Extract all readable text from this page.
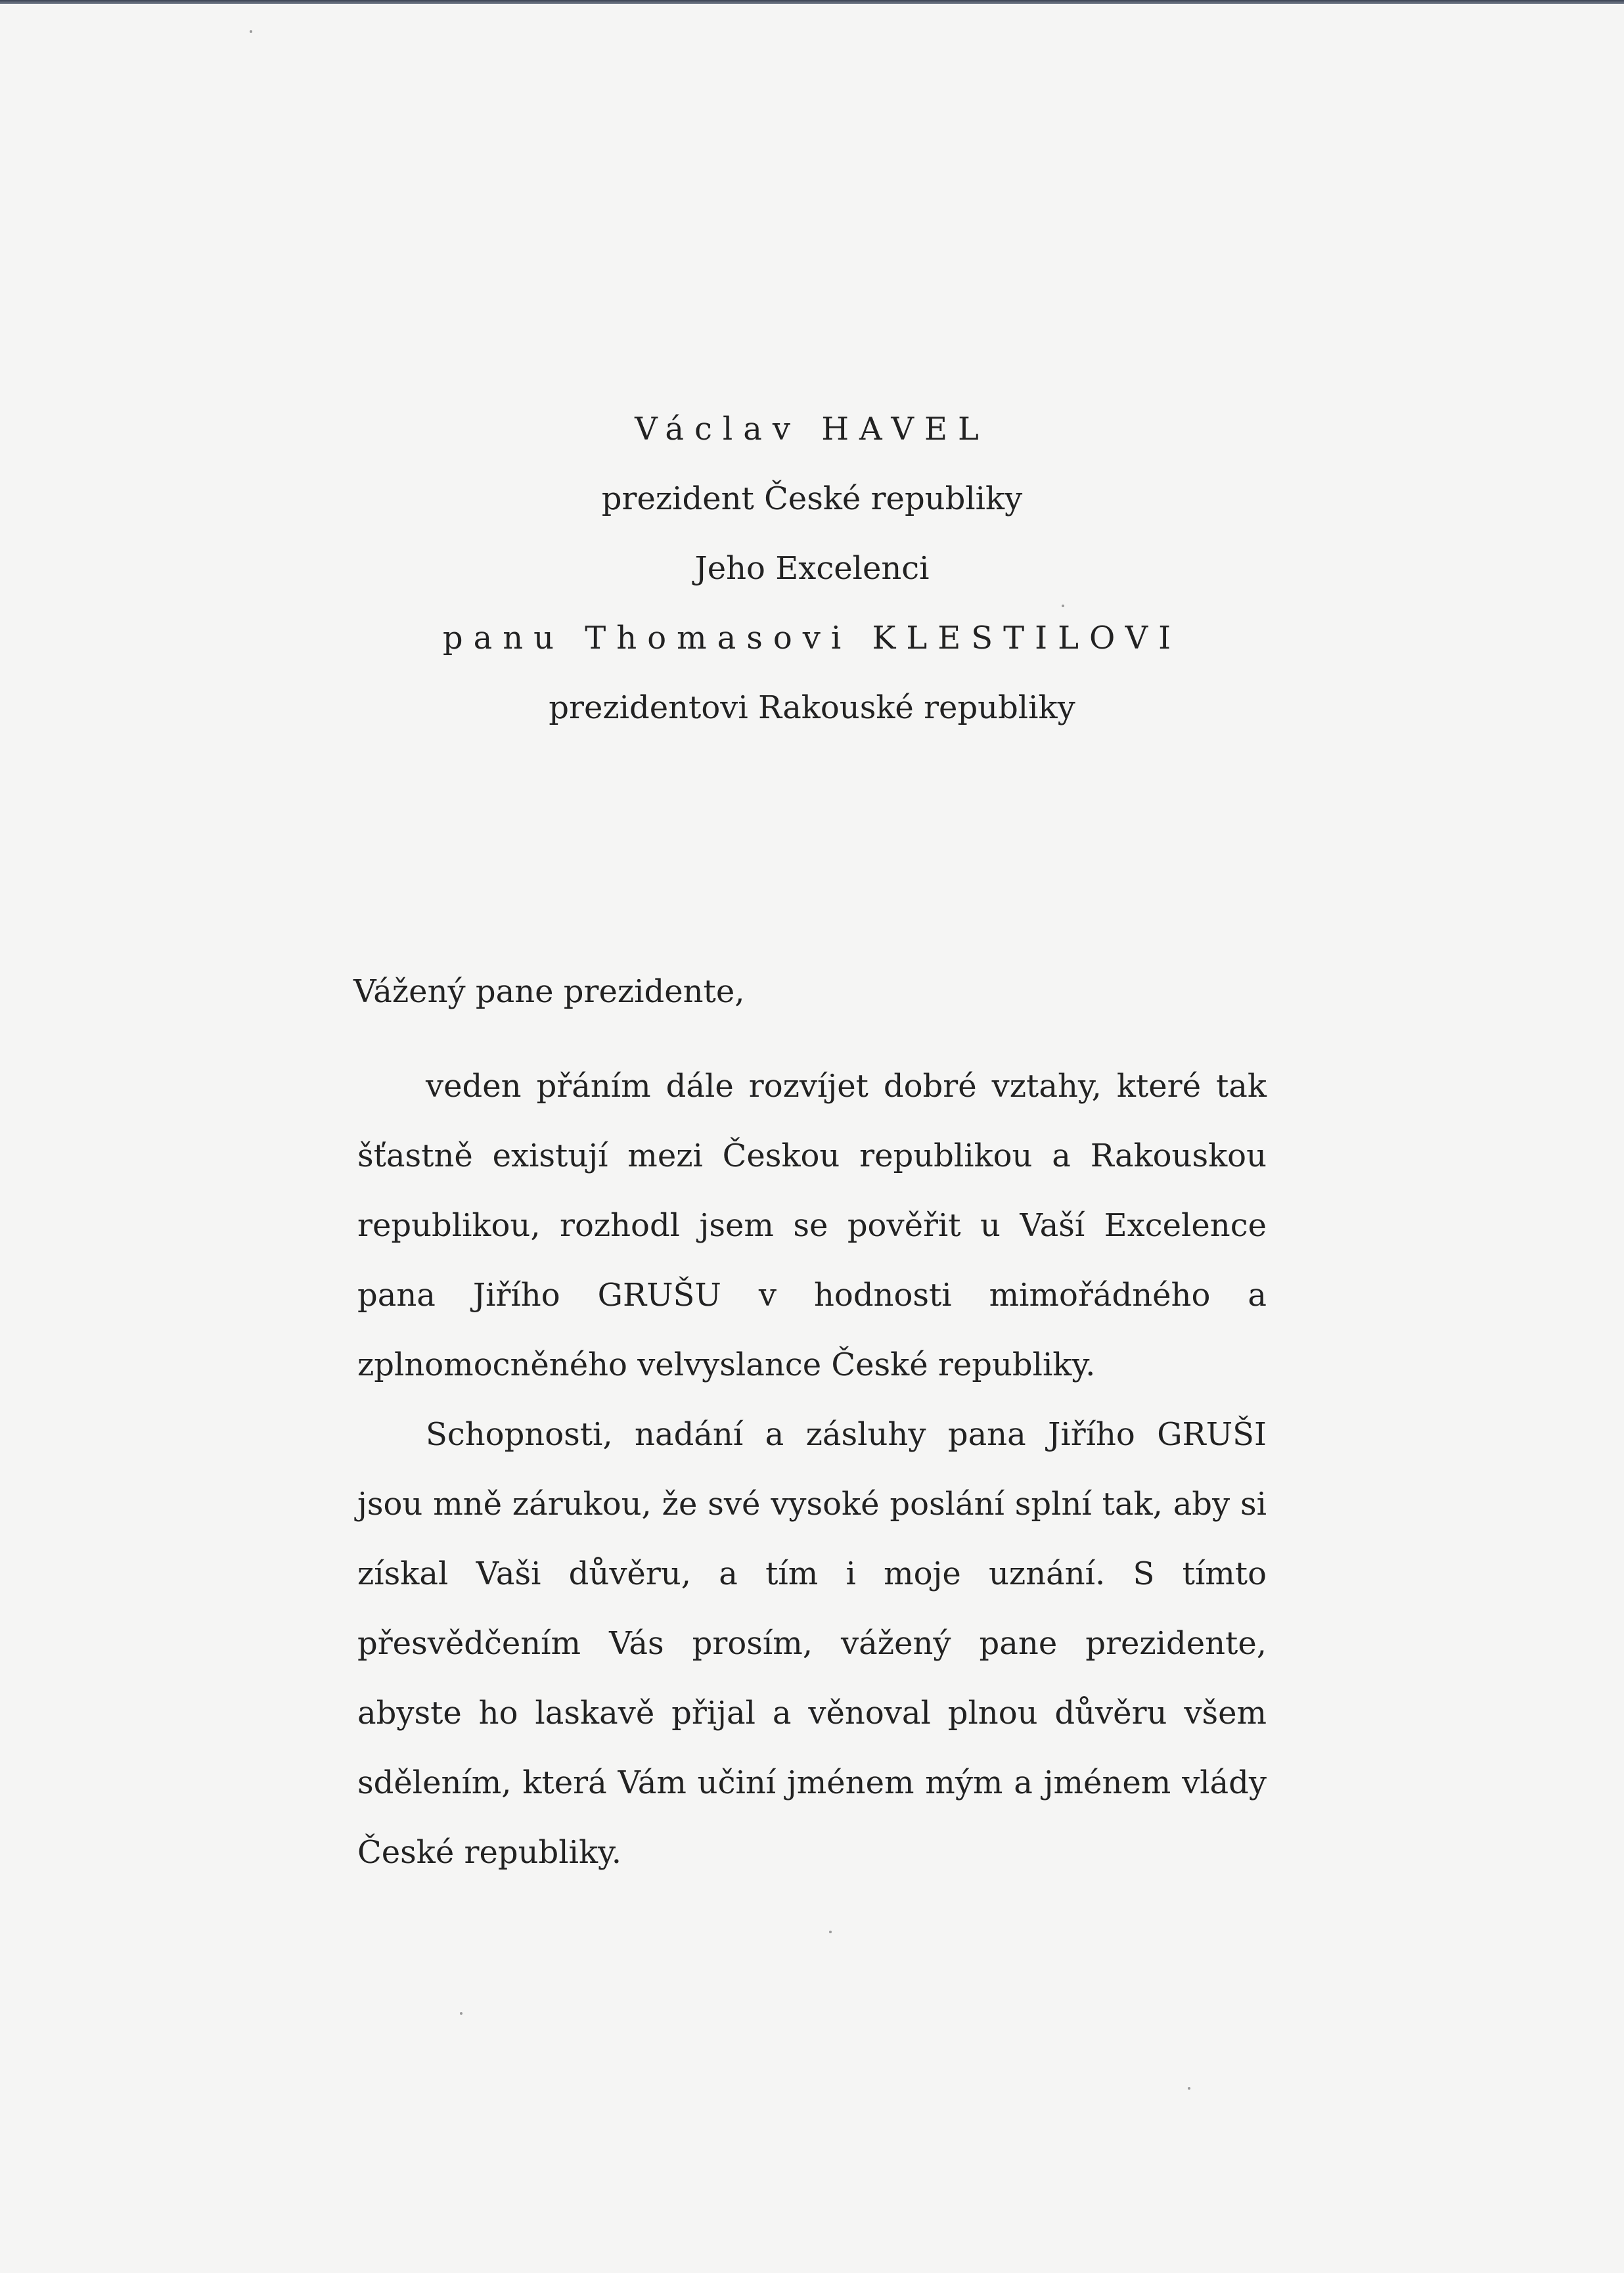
Václav HAVEL
prezident České republiky
Jeho Excelenci
panu Thomasovi KLESTILOVI
prezidentovi Rakouské republiky
Vážený pane prezidente,

veden přáním dále rozvíjet dobré vztahy, které tak šťastně existují mezi Českou republikou a Rakouskou republikou, rozhodl jsem se pověřit u Vaší Excelence pana Jiřího GRUŠU v hodnosti mimořádného a zplnomocněného velvyslance České republiky.

Schopnosti, nadání a zásluhy pana Jiřího GRUŠI jsou mně zárukou, že své vysoké poslání splní tak, aby si získal Vaši důvěru, a tím i moje uznání. S tímto přesvědčením Vás prosím, vážený pane prezidente, abyste ho laskavě přijal a věnoval plnou důvěru všem sdělením, která Vám učiní jménem mým a jménem vlády České republiky.
